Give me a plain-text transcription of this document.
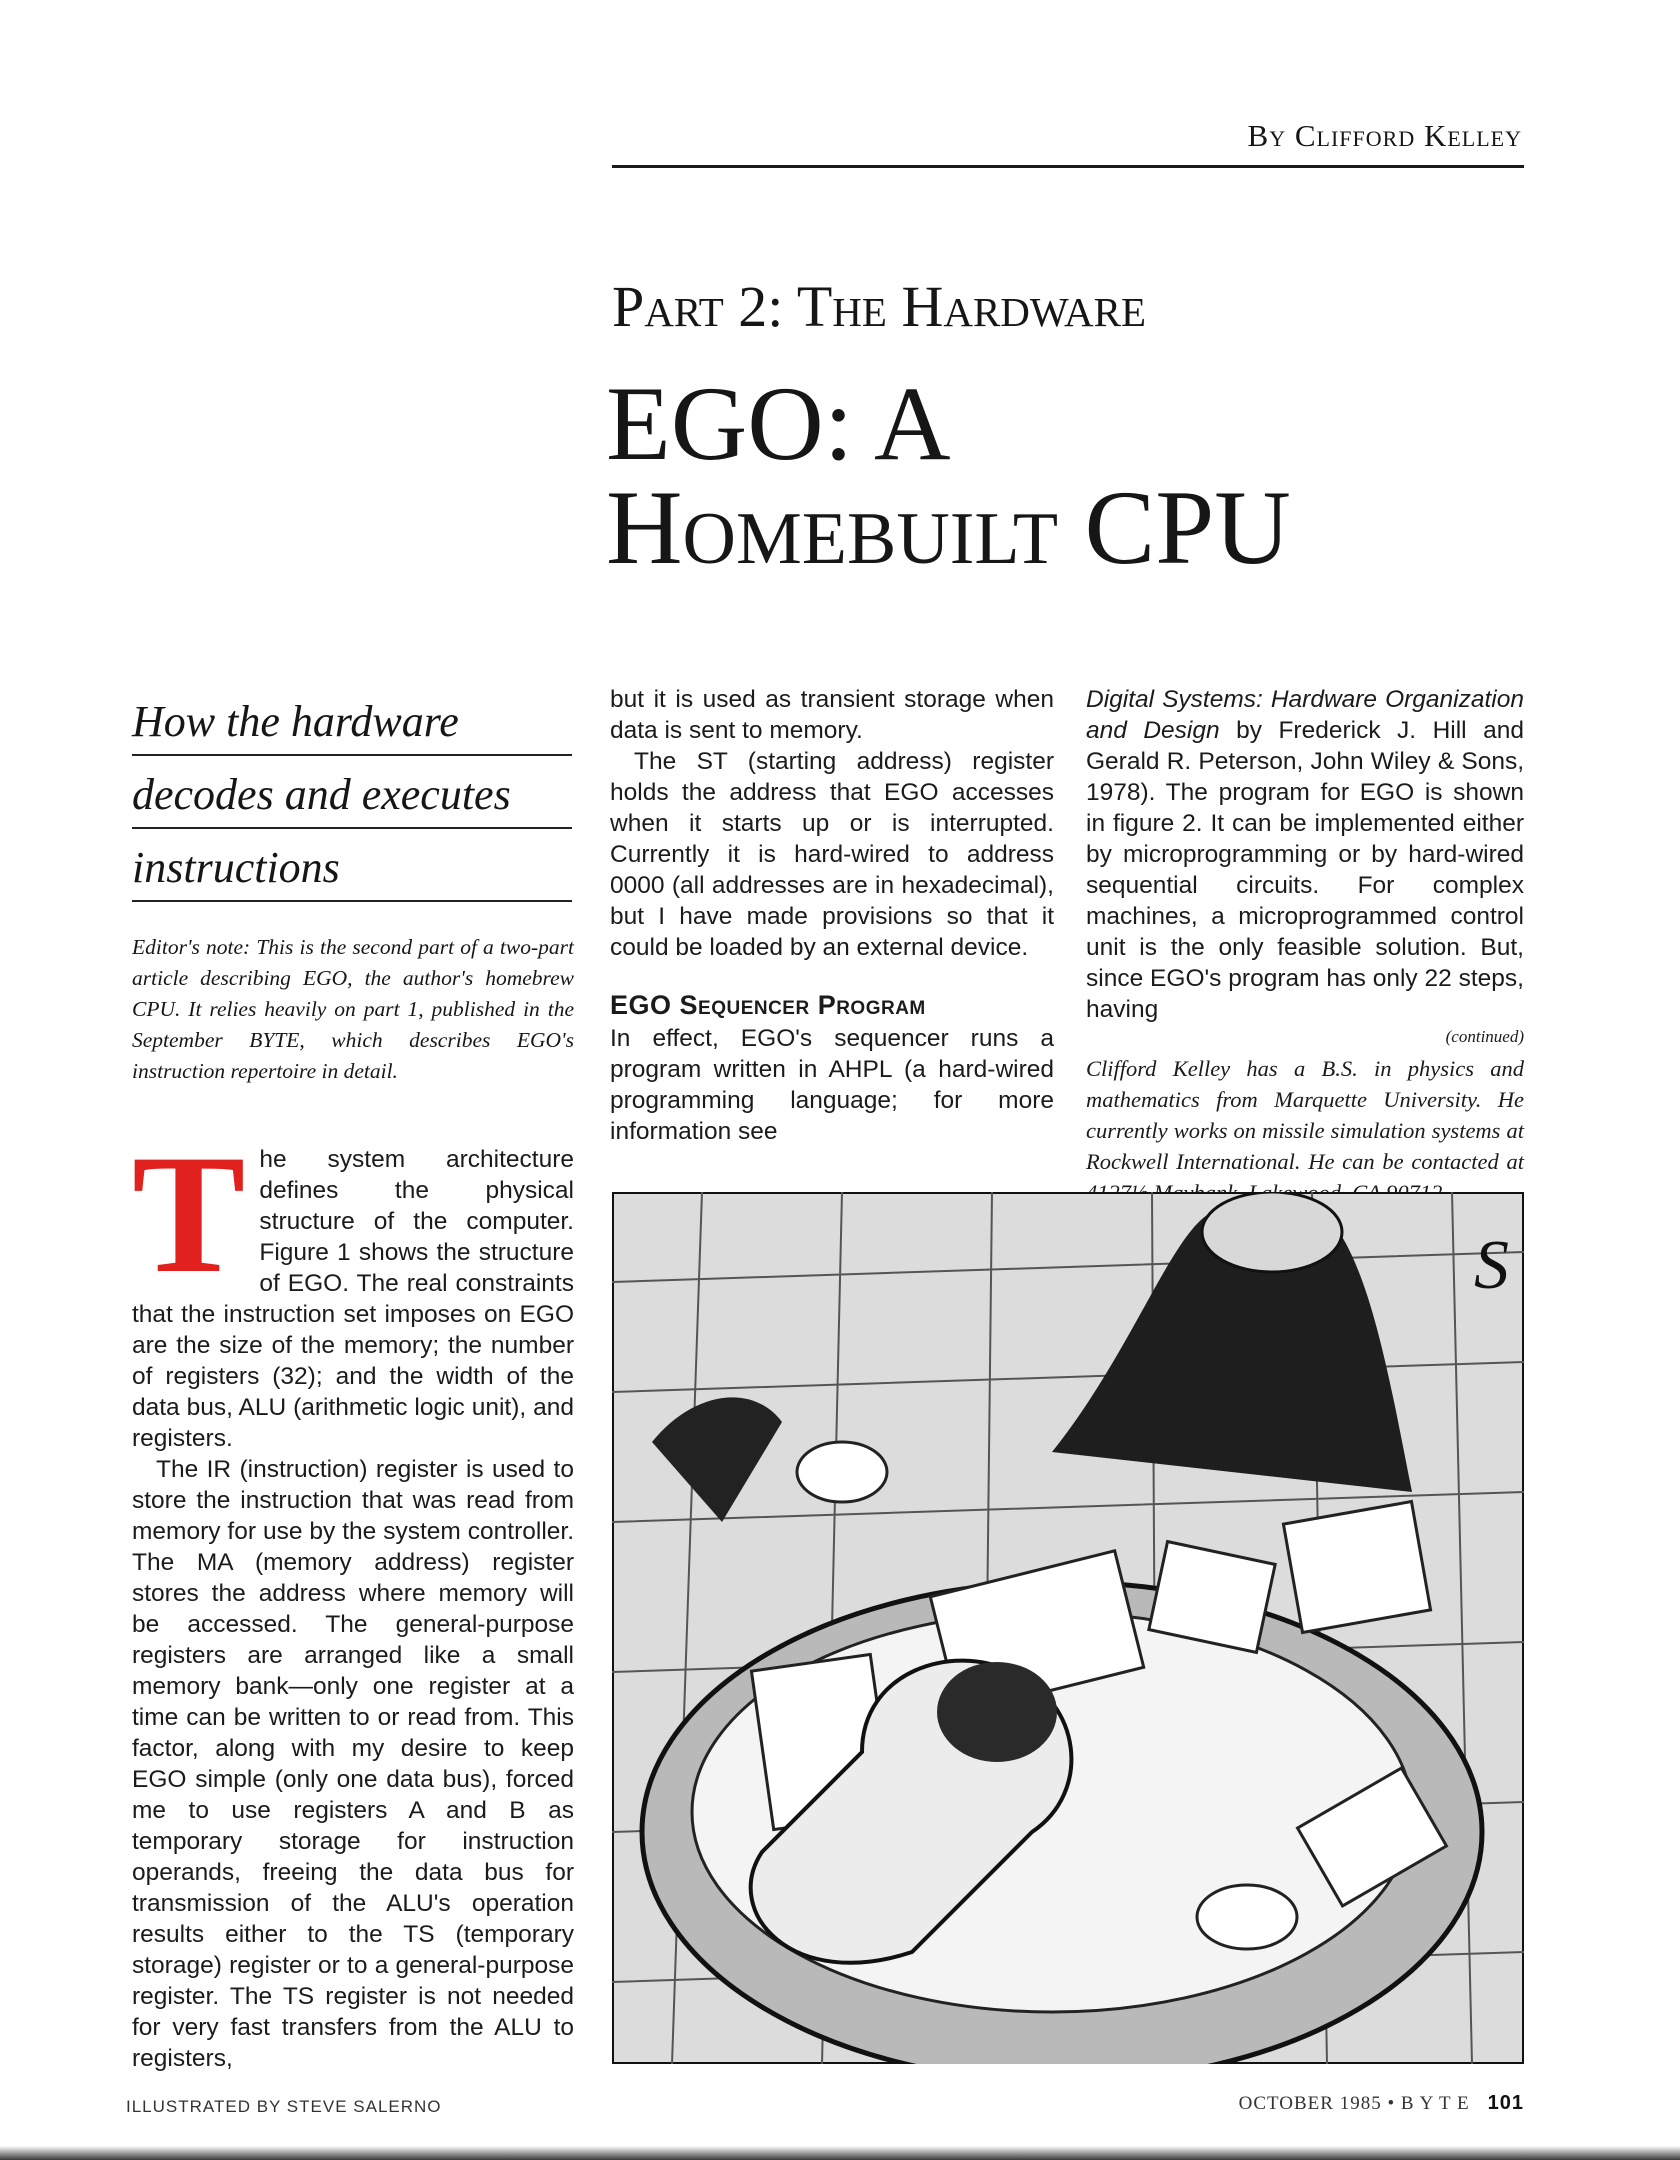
By Clifford Kelley
Part 2: The Hardware
EGO: A
Homebuilt CPU
How the hardware
decodes and executes
instructions
Editor's note: This is the second part of a two-part article describing EGO, the author's homebrew CPU. It relies heavily on part 1, published in the September BYTE, which describes EGO's instruction repertoire in detail.

The system architecture defines the physical structure of the computer. Figure 1 shows the structure of EGO. The real constraints that the instruction set imposes on EGO are the size of the memory; the number of registers (32); and the width of the data bus, ALU (arithmetic logic unit), and registers.

The IR (instruction) register is used to store the instruction that was read from memory for use by the system controller. The MA (memory address) register stores the address where memory will be accessed. The general-purpose registers are arranged like a small memory bank—only one register at a time can be written to or read from. This factor, along with my desire to keep EGO simple (only one data bus), forced me to use registers A and B as temporary storage for instruction operands, freeing the data bus for transmission of the ALU's operation results either to the TS (temporary storage) register or to a general-purpose register. The TS register is not needed for very fast transfers from the ALU to registers,

but it is used as transient storage when data is sent to memory.

The ST (starting address) register holds the address that EGO accesses when it starts up or is interrupted. Currently it is hard-wired to address 0000 (all addresses are in hexadecimal), but I have made provisions so that it could be loaded by an external device.

EGO Sequencer Program

In effect, EGO's sequencer runs a program written in AHPL (a hard-wired programming language; for more information see

Digital Systems: Hardware Organization and Design by Frederick J. Hill and Gerald R. Peterson, John Wiley & Sons, 1978). The program for EGO is shown in figure 2. It can be implemented either by microprogramming or by hard-wired sequential circuits. For complex machines, a microprogrammed control unit is the only feasible solution. But, since EGO's program has only 22 steps, having

(continued)
Clifford Kelley has a B.S. in physics and mathematics from Marquette University. He currently works on missile simulation systems at Rockwell International. He can be contacted at
S
ILLUSTRATED BY STEVE SALERNO	OCTOBER 1985 • B Y T E 101
